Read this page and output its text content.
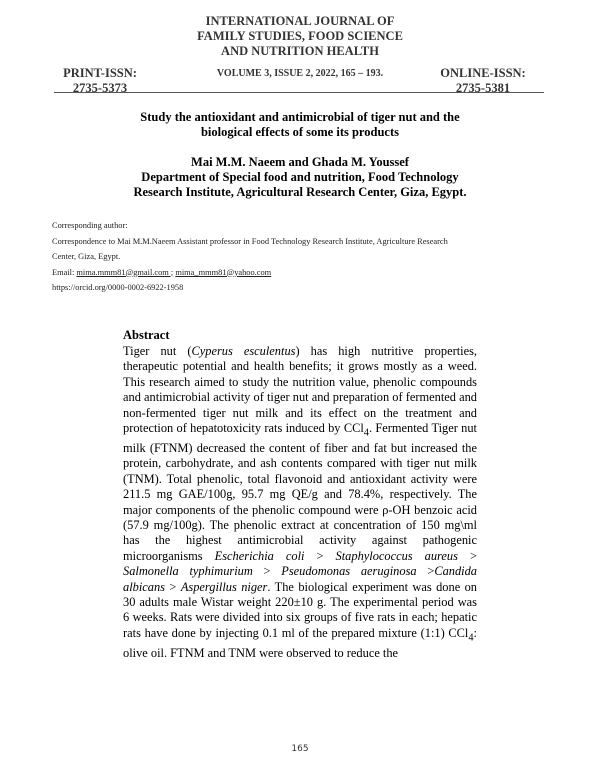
INTERNATIONAL JOURNAL OF
FAMILY STUDIES, FOOD SCIENCE
AND NUTRITION HEALTH
PRINT-ISSN:
2735-5373
VOLUME 3, ISSUE 2, 2022, 165 – 193.	ONLINE-ISSN:
2735-5381
Study the antioxidant and antimicrobial of tiger nut and the
biological effects of some its products
Mai M.M. Naeem and Ghada M. Youssef
Department of Special food and nutrition, Food Technology
Research Institute, Agricultural Research Center, Giza, Egypt.
Corresponding author:
Correspondence to Mai M.M.Naeem Assistant professor in Food Technology Research Institute, Agriculture Research
Center, Giza, Egypt.
Email: mima.mmm81@gmail.com ; mima_mmm81@yahoo.com
https://orcid.org/0000-0002-6922-1958
Abstract

Tiger nut (Cyperus esculentus) has high nutritive properties, therapeutic potential and health benefits; it grows mostly as a weed. This research aimed to study the nutrition value, phenolic compounds and antimicrobial activity of tiger nut and preparation of fermented and non-fermented tiger nut milk and its effect on the treatment and protection of hepatotoxicity rats induced by CCl$_4$. Fermented Tiger nut milk (FTNM) decreased the content of fiber and fat but increased the protein, carbohydrate, and ash contents compared with tiger nut milk (TNM). Total phenolic, total flavonoid and antioxidant activity were 211.5 mg GAE/100g, 95.7 mg QE/g and 78.4%, respectively. The major components of the phenolic compound were ρ-OH benzoic acid (57.9 mg/100g). The phenolic extract at concentration of 150 mg\ml has the highest antimicrobial activity against pathogenic microorganisms Escherichia coli > Staphylococcus aureus > Salmonella typhimurium > Pseudomonas aeruginosa >Candida albicans > Aspergillus niger. The biological experiment was done on 30 adults male Wistar weight 220±10 g. The experimental period was 6 weeks. Rats were divided into six groups of five rats in each; hepatic rats have done by injecting 0.1 ml of the prepared mixture (1:1) CCl$_4$: olive oil. FTNM and TNM were observed to reduce the

165
